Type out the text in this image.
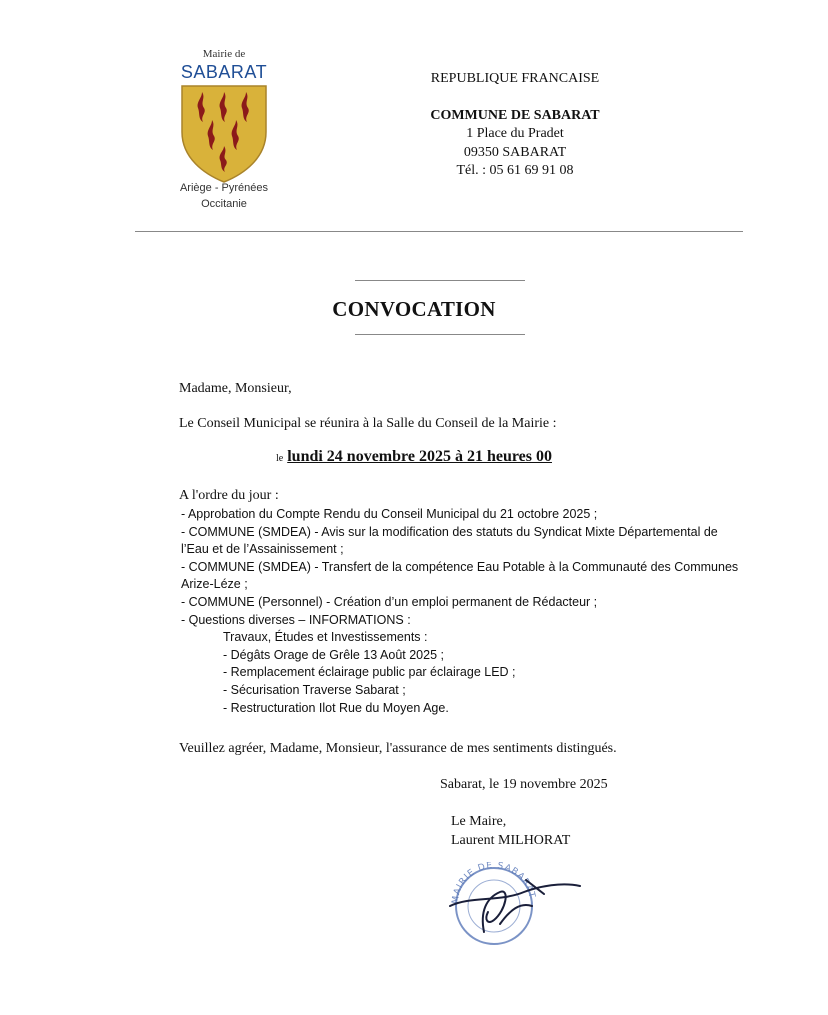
Mairie de
SABARAT
Ariège - Pyrénées
Occitanie
REPUBLIQUE FRANCAISE
COMMUNE DE SABARAT
1 Place du Pradet
09350 SABARAT
Tél. : 05 61 69 91 08
CONVOCATION
Madame, Monsieur,
Le Conseil Municipal se réunira à la Salle du Conseil de la Mairie :
le lundi 24 novembre 2025 à 21 heures 00
A l'ordre du jour :
- Approbation du Compte Rendu du Conseil Municipal du 21 octobre 2025 ;
- COMMUNE (SMDEA) - Avis sur la modification des statuts du Syndicat Mixte Départemental de
l’Eau et de l’Assainissement ;
- COMMUNE (SMDEA) - Transfert de la compétence Eau Potable à la Communauté des Communes
Arize-Léze ;
- COMMUNE (Personnel) - Création d’un emploi permanent de Rédacteur ;
- Questions diverses – INFORMATIONS :
Travaux, Études et Investissements :
- Dégâts Orage de Grêle 13 Août 2025 ;
- Remplacement éclairage public par éclairage LED ;
- Sécurisation Traverse Sabarat ;
- Restructuration Ilot Rue du Moyen Age.
Veuillez agréer, Madame, Monsieur, l'assurance de mes sentiments distingués.
Sabarat, le 19 novembre 2025
Le Maire,
Laurent MILHORAT
MAIRIE DE SABARAT
